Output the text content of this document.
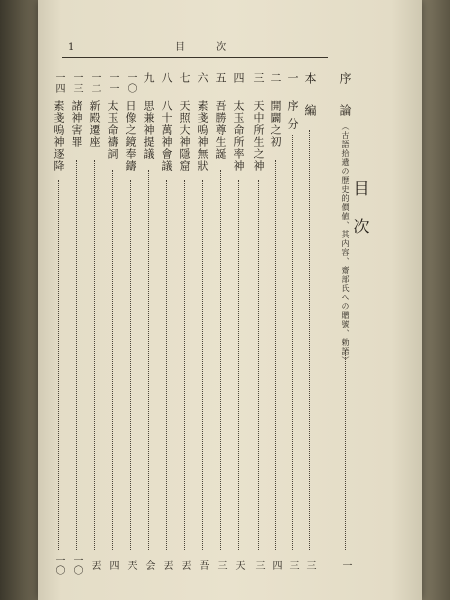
1	目 次
目次
序
論
（古語拾遺の歷史的價値、其内容、齋部氏への贈號、勅語）
一
本
編
三
一
序
分
三
二
開闢之初
四
三
天中所生之神
三
四
太玉命所率神
天
五
吾勝尊生誕
三
六
素戔嗚神無狀
吾
七
天照大神隱窟
丟
八
八十萬神會議
丟
九
思兼神提議
会
一〇
日像之鏡奉鑄
兲
一一
太玉命禱詞
四
一二
新殿遷座
丟
一三
諸神害罪
一〇
一四
素戔嗚神逐降
一〇
